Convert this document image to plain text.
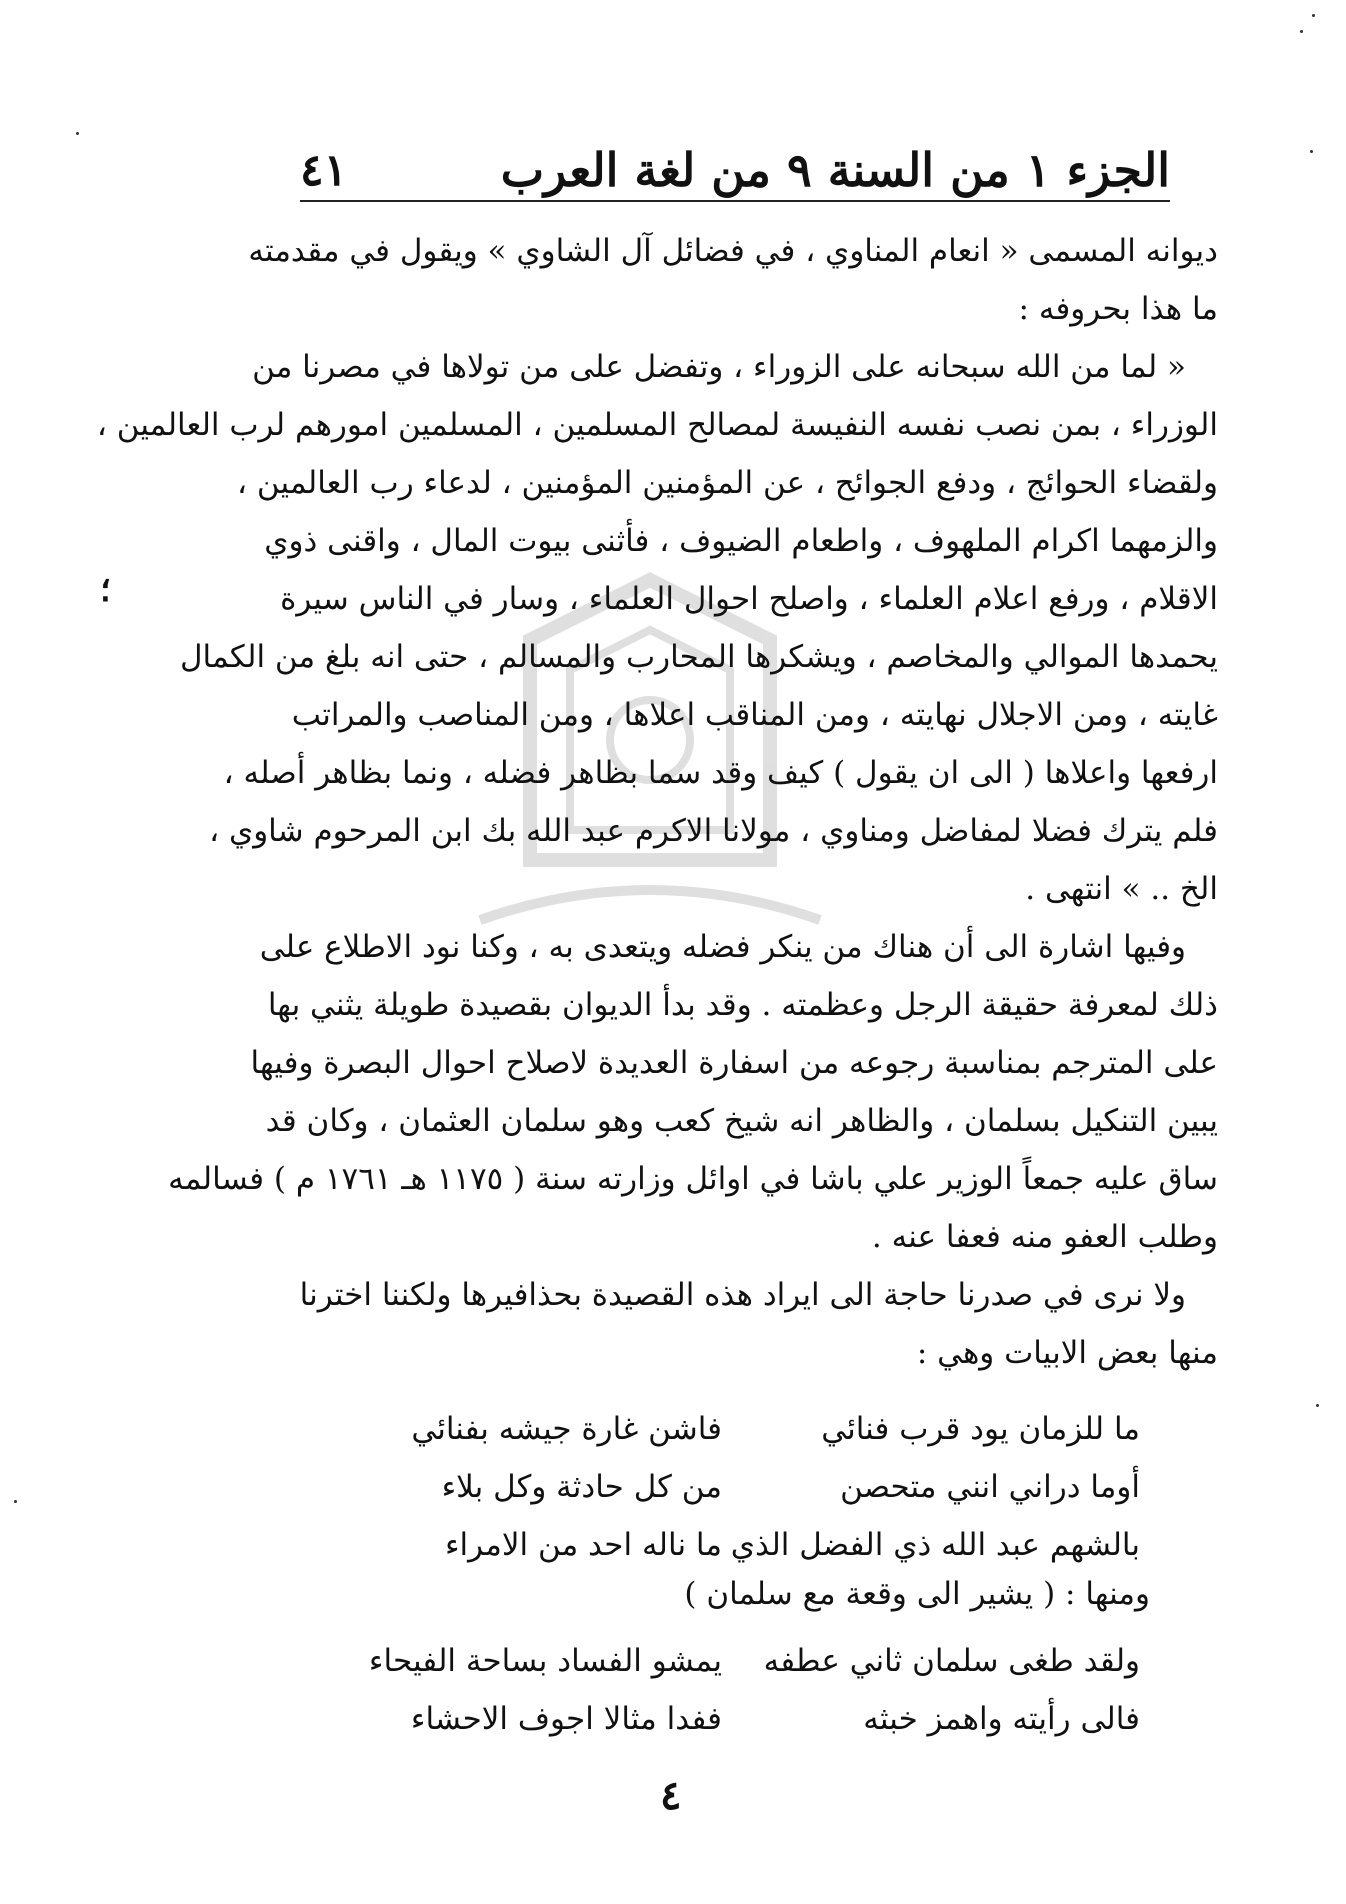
٤١	الجزء ١ من السنة ٩ من لغة العرب
؛

ديوانه المسمى « انعام المناوي ، في فضائل آل الشاوي » ويقول في مقدمته
ما هذا بحروفه :

« لما من الله سبحانه على الزوراء ، وتفضل على من تولاها في مصرنا من
الوزراء ، بمن نصب نفسه النفيسة لمصالح المسلمين ، المسلمين امورهم لرب العالمين ،
ولقضاء الحوائج ، ودفع الجوائح ، عن المؤمنين المؤمنين ، لدعاء رب العالمين ،
والزمهما اكرام الملهوف ، واطعام الضيوف ، فأثنى بيوت المال ، واقنى ذوي
الاقلام ، ورفع اعلام العلماء ، واصلح احوال العلماء ، وسار في الناس سيرة
يحمدها الموالي والمخاصم ، ويشكرها المحارب والمسالم ، حتى انه بلغ من الكمال
غايته ، ومن الاجلال نهايته ، ومن المناقب اعلاها ، ومن المناصب والمراتب
ارفعها واعلاها ( الى ان يقول ) كيف وقد سما بظاهر فضله ، ونما بظاهر أصله ،
فلم يترك فضلا لمفاضل ومناوي ، مولانا الاكرم عبد الله بك ابن المرحوم شاوي ،
الخ .. » انتهى .

وفيها اشارة الى أن هناك من ينكر فضله ويتعدى به ، وكنا نود الاطلاع على
ذلك لمعرفة حقيقة الرجل وعظمته . وقد بدأ الديوان بقصيدة طويلة يثني بها
على المترجم بمناسبة رجوعه من اسفارة العديدة لاصلاح احوال البصرة وفيها
يبين التنكيل بسلمان ، والظاهر انه شيخ كعب وهو سلمان العثمان ، وكان قد
ساق عليه جمعاً الوزير علي باشا في اوائل وزارته سنة ( ١١٧٥ هـ ١٧٦١ م ) فسالمه
وطلب العفو منه فعفا عنه .

ولا نرى في صدرنا حاجة الى ايراد هذه القصيدة بحذافيرها ولكننا اخترنا
منها بعض الابيات وهي :

ما للزمان يود قرب فنائي
فاشن غارة جيشه بفنائي
أوما دراني انني متحصن
من كل حادثة وكل بلاء
بالشهم عبد الله ذي الفضل الذي
ما ناله احد من الامراء
ومنها : ( يشير الى وقعة مع سلمان )
ولقد طغى سلمان ثاني عطفه
يمشو الفساد بساحة الفيحاء
فالى رأيته واهمز خبثه
ففدا مثالا اجوف الاحشاء
٤
